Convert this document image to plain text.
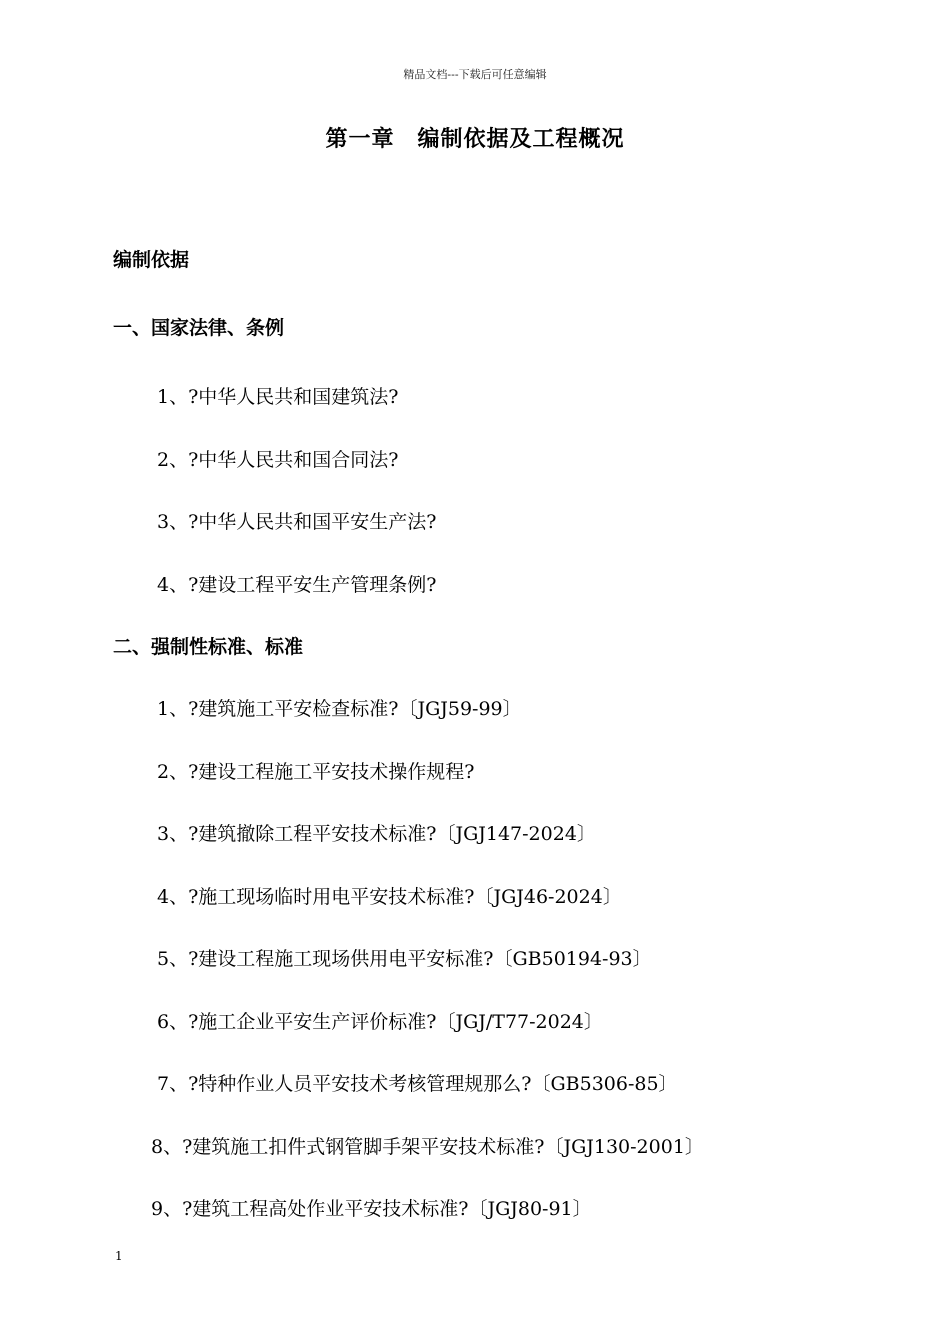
精品文档---下载后可任意编辑
第一章　编制依据及工程概况
编制依据
一、国家法律、条例
1、?中华人民共和国建筑法?
2、?中华人民共和国合同法?
3、?中华人民共和国平安生产法?
4、?建设工程平安生产管理条例?
二、强制性标准、标准
1、?建筑施工平安检查标准?〔JGJ59-99〕
2、?建设工程施工平安技术操作规程?
3、?建筑撤除工程平安技术标准?〔JGJ147-2024〕
4、?施工现场临时用电平安技术标准?〔JGJ46-2024〕
5、?建设工程施工现场供用电平安标准?〔GB50194-93〕
6、?施工企业平安生产评价标准?〔JGJ/T77-2024〕
7、?特种作业人员平安技术考核管理规那么?〔GB5306-85〕
8、?建筑施工扣件式钢管脚手架平安技术标准?〔JGJ130-2001〕
9、?建筑工程高处作业平安技术标准?〔JGJ80-91〕
1
